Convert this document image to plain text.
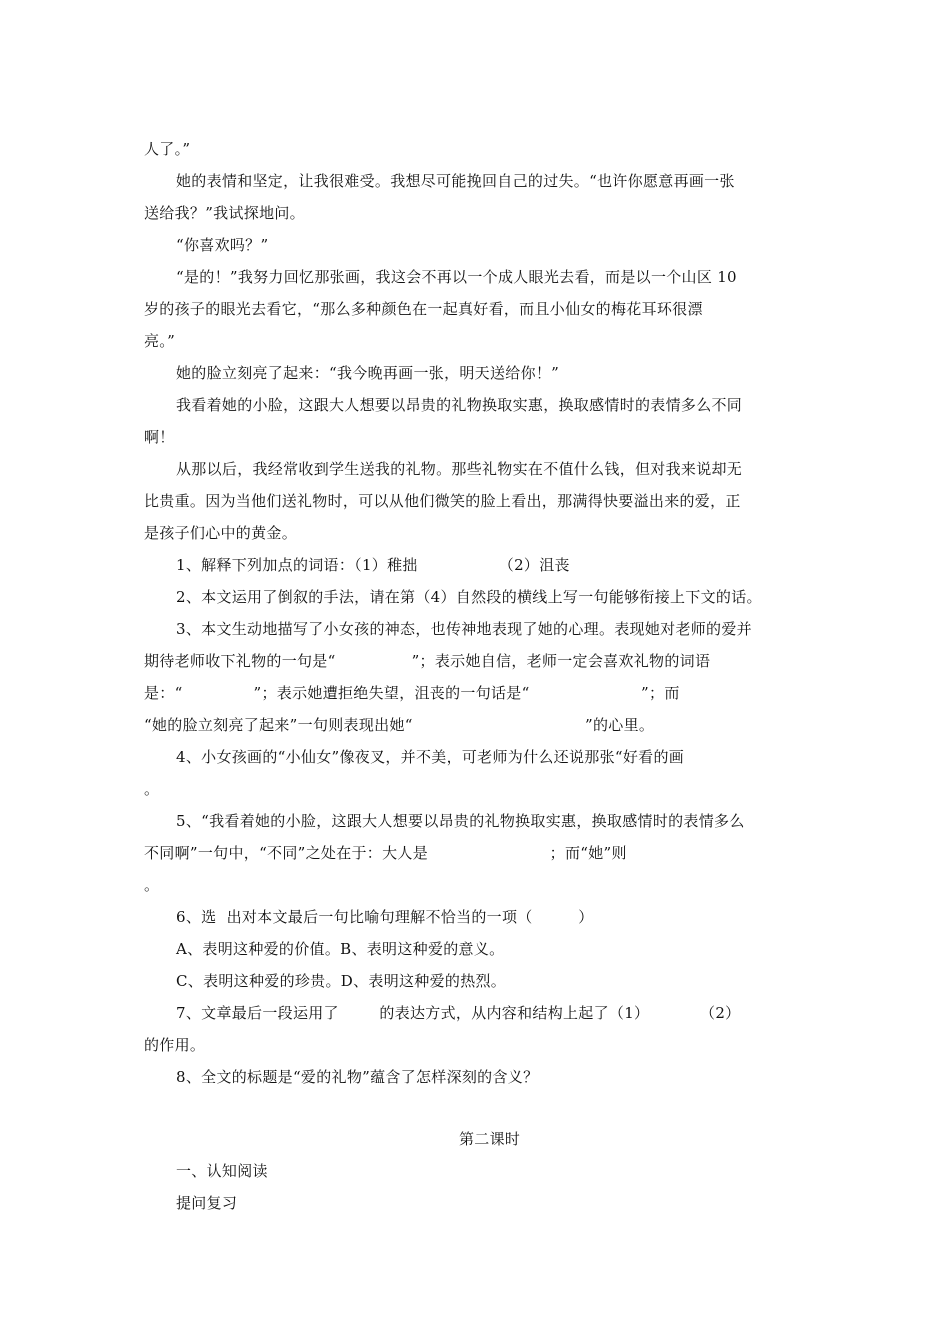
人了。”
她的表情和坚定，让我很难受。我想尽可能挽回自己的过失。“也许你愿意再画一张
送给我？”我试探地问。
“你喜欢吗？”
“是的！”我努力回忆那张画，我这会不再以一个成人眼光去看，而是以一个山区 10
岁的孩子的眼光去看它，“那么多种颜色在一起真好看，而且小仙女的梅花耳环很漂
亮。”
她的脸立刻亮了起来：“我今晚再画一张，明天送给你！”
我看着她的小脸，这跟大人想要以昂贵的礼物换取实惠，换取感情时的表情多么不同
啊！
从那以后，我经常收到学生送我的礼物。那些礼物实在不值什么钱，但对我来说却无
比贵重。因为当他们送礼物时，可以从他们微笑的脸上看出，那满得快要溢出来的爱，正
是孩子们心中的黄金。
1、解释下列加点的词语：（1）稚拙                （2）沮丧
2、本文运用了倒叙的手法，请在第（4）自然段的横线上写一句能够衔接上下文的话。
3、本文生动地描写了小女孩的神态，也传神地表现了她的心理。表现她对老师的爱并
期待老师收下礼物的一句是“               ”；表示她自信，老师一定会喜欢礼物的词语
是：“              ”；表示她遭拒绝失望，沮丧的一句话是“                      ”；而
“她的脸立刻亮了起来”一句则表现出她“                                  ”的心里。
4、小女孩画的“小仙女”像夜叉，并不美，可老师为什么还说那张“好看的画
。
5、“我看着她的小脸，这跟大人想要以昂贵的礼物换取实惠，换取感情时的表情多么
不同啊”一句中，“不同”之处在于：大人是                        ；而“她”则
。
6、选  出对本文最后一句比喻句理解不恰当的一项（         ）
A、表明这种爱的价值。B、表明这种爱的意义。
C、表明这种爱的珍贵。D、表明这种爱的热烈。
7、文章最后一段运用了        的表达方式，从内容和结构上起了（1）          （2）
的作用。
8、全文的标题是“爱的礼物”蕴含了怎样深刻的含义？
第二课时
一、认知阅读
提问复习
